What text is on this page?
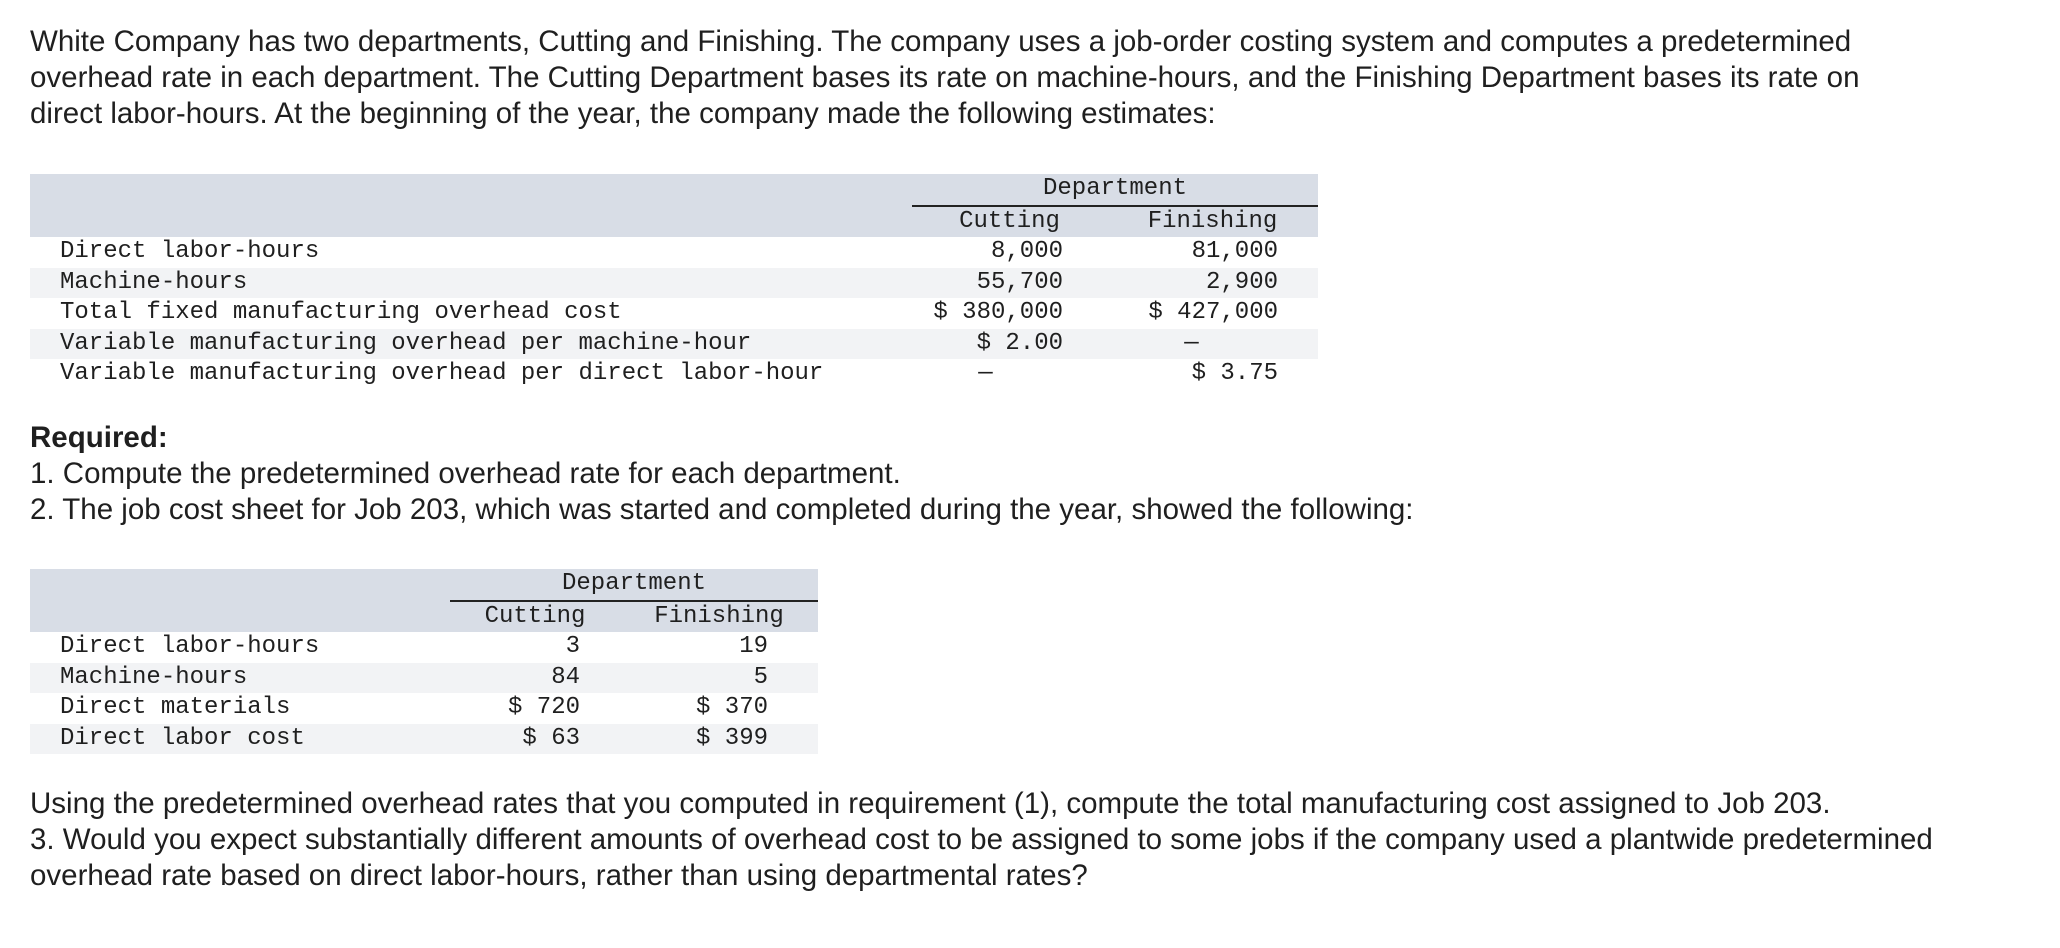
White Company has two departments, Cutting and Finishing. The company uses a job-order costing system and computes a predetermined overhead rate in each department. The Cutting Department bases its rate on machine-hours, and the Finishing Department bases its rate on direct labor-hours. At the beginning of the year, the company made the following estimates:

	Department	
	Cutting	Finishing
Direct labor-hours	8,000	81,000
Machine-hours	55,700	2,900
Total fixed manufacturing overhead cost	$ 380,000	$ 427,000
Variable manufacturing overhead per machine-hour	$ 2.00	—
Variable manufacturing overhead per direct labor-hour	—	$ 3.75

Required:
1. Compute the predetermined overhead rate for each department.
2. The job cost sheet for Job 203, which was started and completed during the year, showed the following:

	Department	
	Cutting	Finishing
Direct labor-hours	3	19
Machine-hours	84	5
Direct materials	$ 720	$ 370
Direct labor cost	$ 63	$ 399

Using the predetermined overhead rates that you computed in requirement (1), compute the total manufacturing cost assigned to Job 203.
3. Would you expect substantially different amounts of overhead cost to be assigned to some jobs if the company used a plantwide predetermined overhead rate based on direct labor-hours, rather than using departmental rates?
